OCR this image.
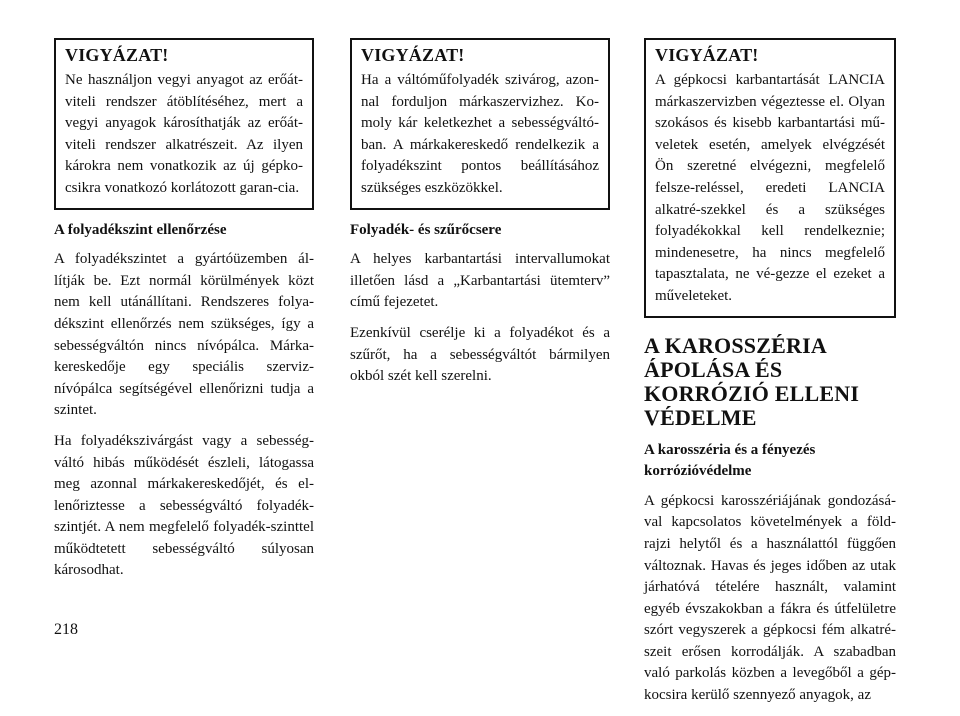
VIGYÁZAT!

Ne használjon vegyi anyagot az erőát-viteli rendszer átöblítéséhez, mert a vegyi anyagok károsíthatják az erőát-viteli rendszer alkatrészeit. Az ilyen károkra nem vonatkozik az új gépko-csikra vonatkozó korlátozott garan-cia.

A folyadékszint ellenőrzése

A folyadékszintet a gyártóüzemben ál-lítják be. Ezt normál körülmények közt nem kell utánállítani. Rendszeres folya-dékszint ellenőrzés nem szükséges, így a sebességváltón nincs nívópálca. Márka-kereskedője egy speciális szerviz-nívópálca segítségével ellenőrizni tudja a szintet.

Ha folyadékszivárgást vagy a sebesség-váltó hibás működését észleli, látogassa meg azonnal márkakereskedőjét, és el-lenőriztesse a sebességváltó folyadék-szintjét. A nem megfelelő folyadék-szinttel működtetett sebességváltó súlyosan károsodhat.

VIGYÁZAT!

Ha a váltóműfolyadék szivárog, azon-nal forduljon márkaszervizhez. Ko-moly kár keletkezhet a sebességváltó-ban. A márkakereskedő rendelkezik a folyadékszint pontos beállításához szükséges eszközökkel.

Folyadék- és szűrőcsere

A helyes karbantartási intervallumokat illetően lásd a „Karbantartási ütemterv” című fejezetet.

Ezenkívül cserélje ki a folyadékot és a szűrőt, ha a sebességváltót bármilyen okból szét kell szerelni.

VIGYÁZAT!

A gépkocsi karbantartását LANCIA márkaszervizben végeztesse el. Olyan szokásos és kisebb karbantartási mű-veletek esetén, amelyek elvégzését Ön szeretné elvégezni, megfelelő felsze-reléssel, eredeti LANCIA alkatré-szekkel és a szükséges folyadékokkal kell rendelkeznie; mindenesetre, ha nincs megfelelő tapasztalata, ne vé-gezze el ezeket a műveleteket.

A KAROSSZÉRIA ÁPOLÁSA ÉS KORRÓZIÓ ELLENI VÉDELME
A karosszéria és a fényezés korrózióvédelme

A gépkocsi karosszériájának gondozásá-val kapcsolatos követelmények a föld-rajzi helytől és a használattól függően változnak. Havas és jeges időben az utak járhatóvá tételére használt, valamint egyéb évszakokban a fákra és útfelületre szórt vegyszerek a gépkocsi fém alkatré-szeit erősen korrodálják. A szabadban való parkolás közben a levegőből a gép-kocsira kerülő szennyező anyagok, az

218
